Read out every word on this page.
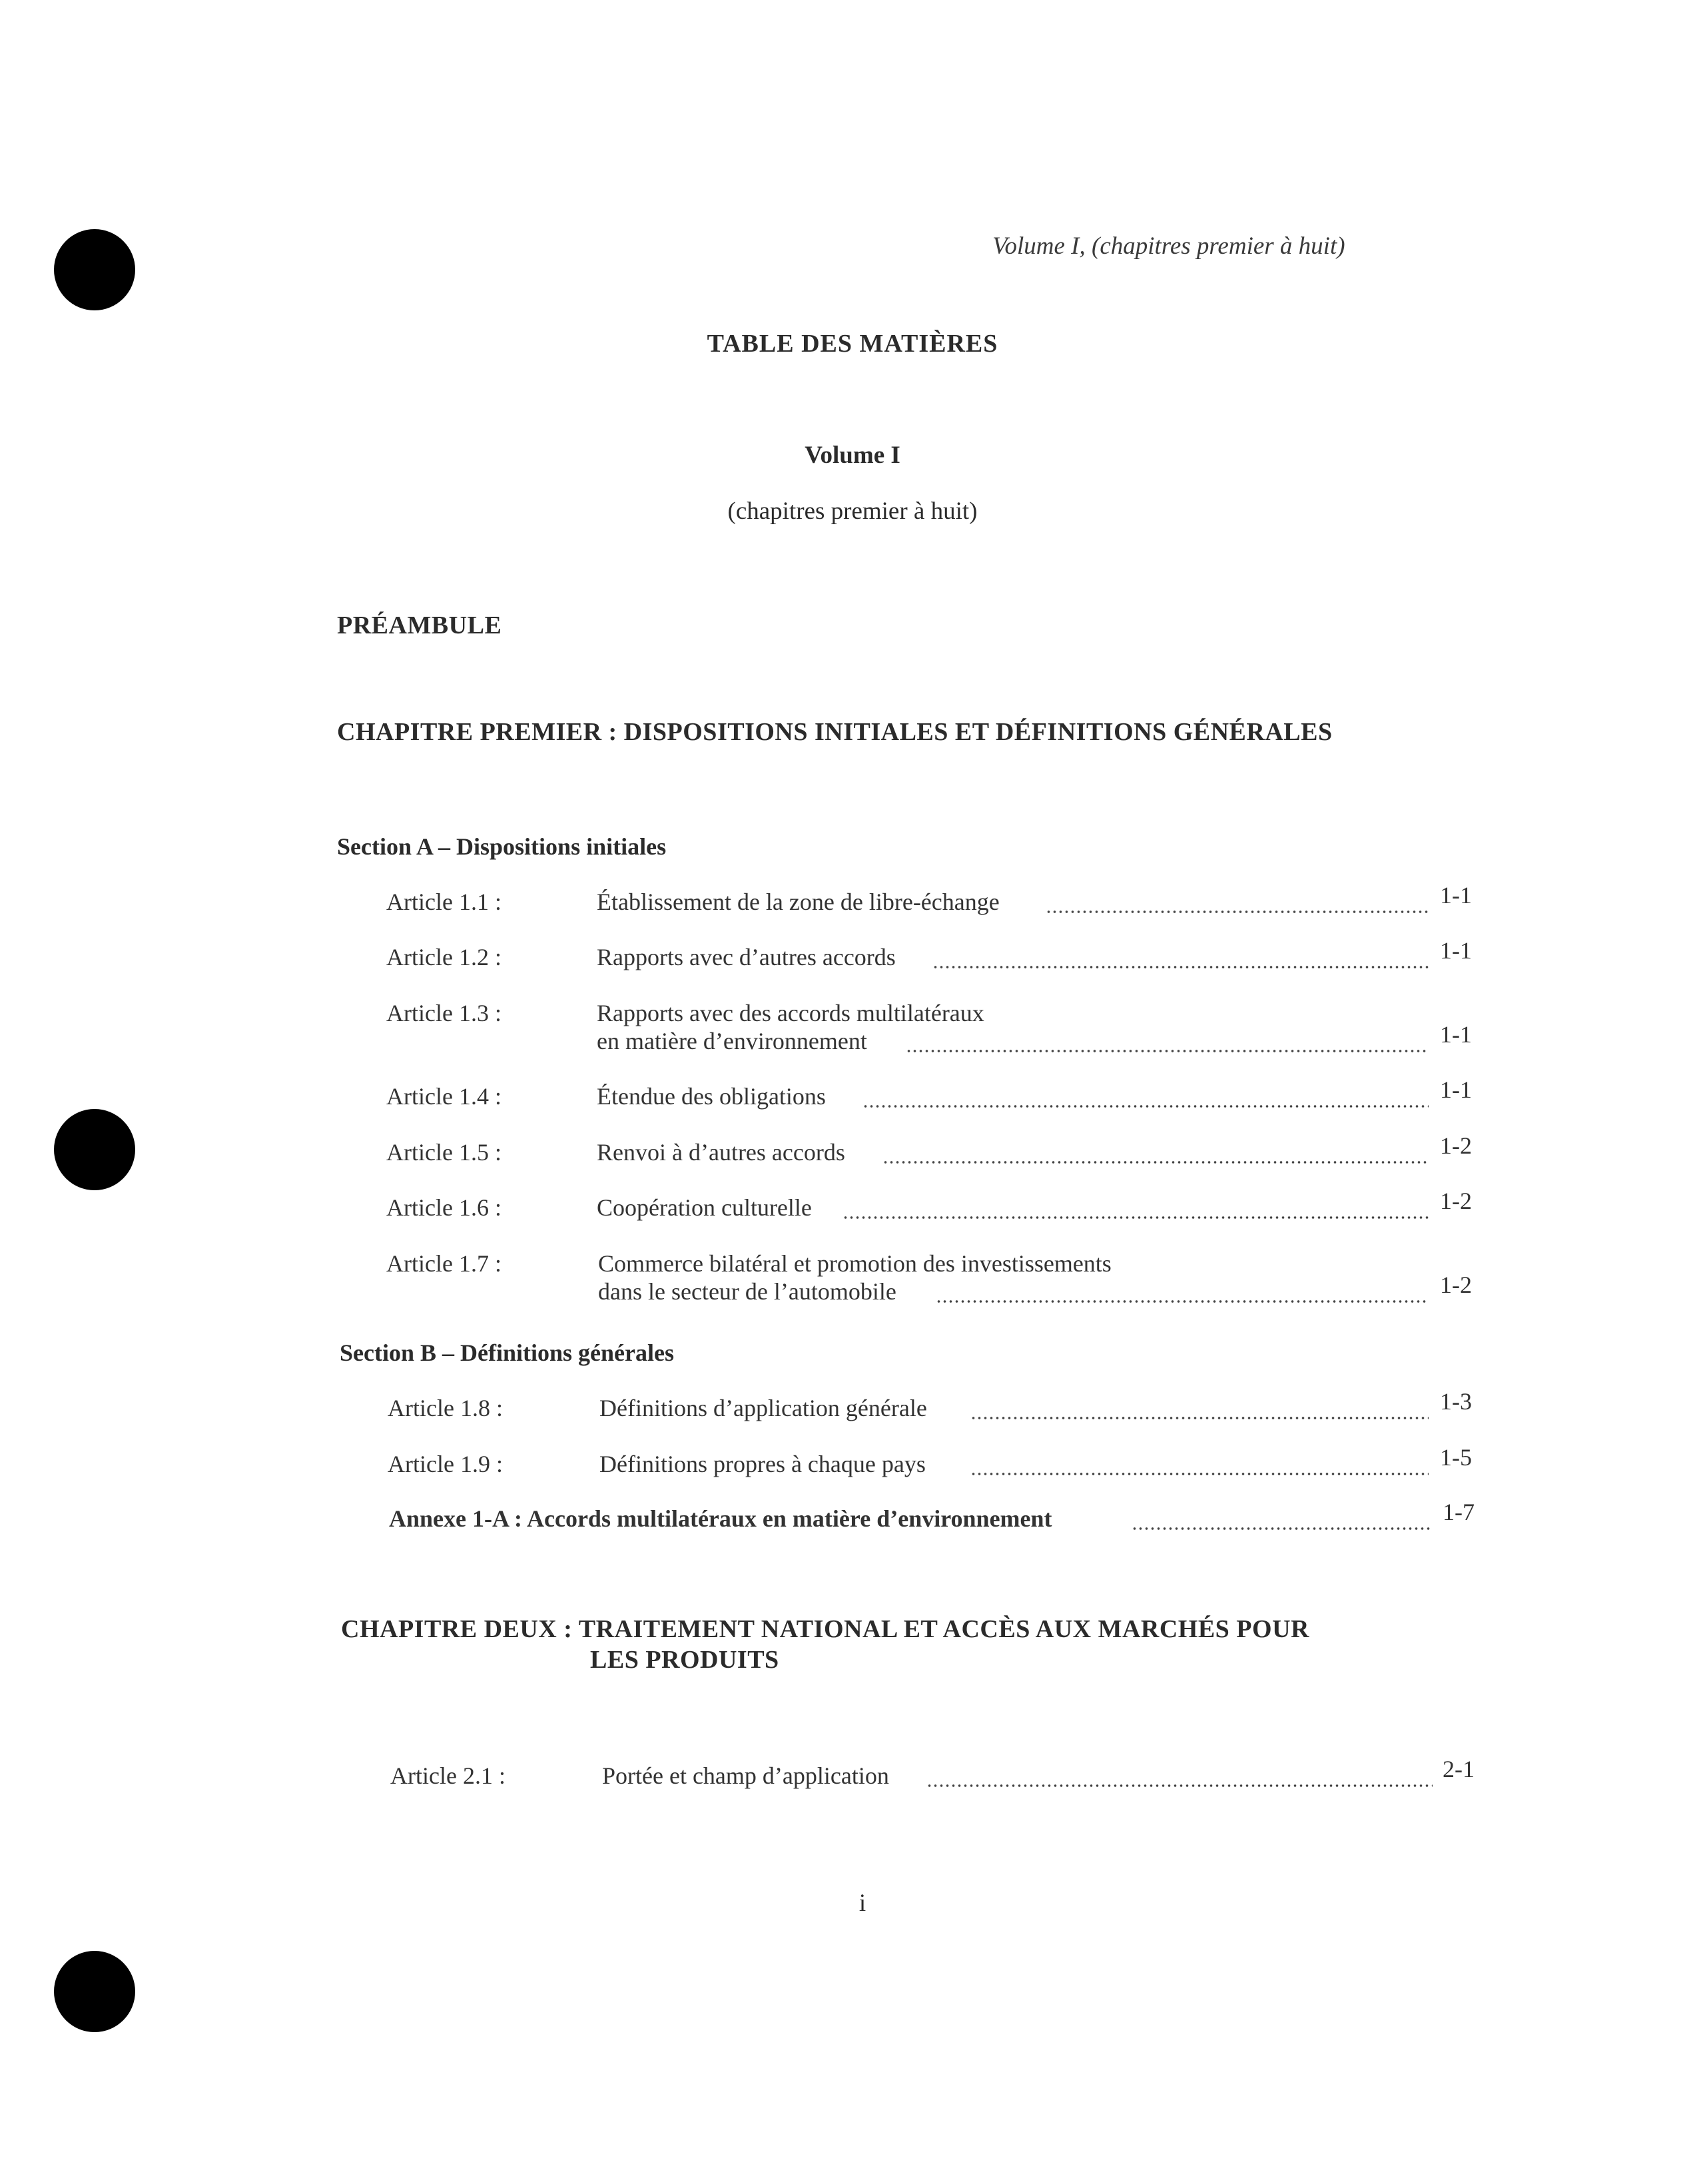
Volume I, (chapitres premier à huit)
TABLE DES MATIÈRES
Volume I
(chapitres premier à huit)
PRÉAMBULE
CHAPITRE PREMIER : DISPOSITIONS INITIALES ET DÉFINITIONS GÉNÉRALES
Section A – Dispositions initiales
Article 1.1 :	Établissement de la zone de libre-échange	1-1
Article 1.2 :	Rapports avec d’autres accords	1-1
Article 1.3 :	Rapports avec des accords multilatéraux
en matière d’environnement	1-1
Article 1.4 :	Étendue des obligations	1-1
Article 1.5 :	Renvoi à d’autres accords	1-2
Article 1.6 :	Coopération culturelle	1-2
Article 1.7 :	Commerce bilatéral et promotion des investissements
dans le secteur de l’automobile	1-2
Section B – Définitions générales
Article 1.8 :	Définitions d’application générale	1-3
Article 1.9 :	Définitions propres à chaque pays	1-5
Annexe 1-A : Accords multilatéraux en matière d’environnement	1-7
CHAPITRE DEUX : TRAITEMENT NATIONAL ET ACCÈS AUX MARCHÉS POUR
LES PRODUITS
Article 2.1 :	Portée et champ d’application	2-1
i
